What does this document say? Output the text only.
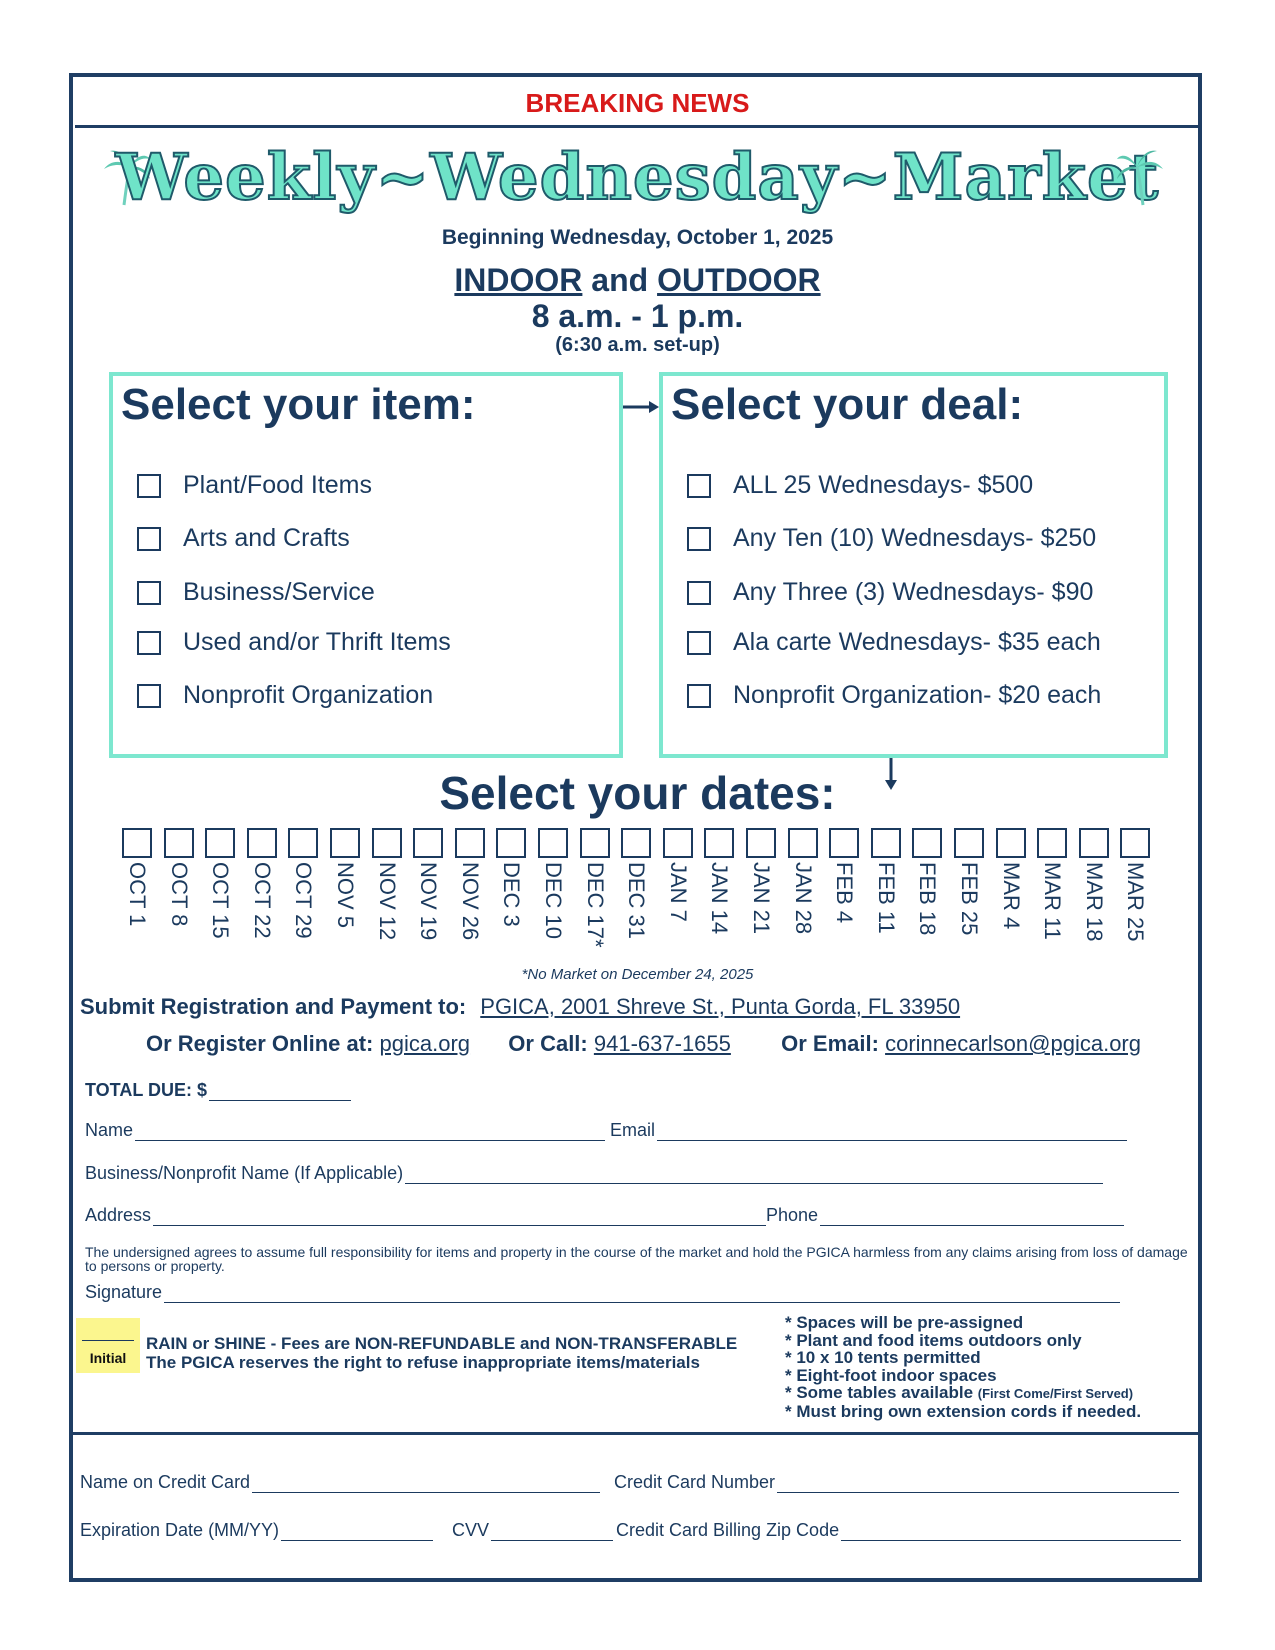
BREAKING NEWS
Weekly~Wednesday~Market
Beginning Wednesday, October 1, 2025
INDOOR and OUTDOOR
8 a.m. - 1 p.m.
(6:30 a.m. set-up)
Select your item:
Plant/Food Items
Arts and Crafts
Business/Service
Used and/or Thrift Items
Nonprofit Organization
Select your deal:
ALL 25 Wednesdays- $500
Any Ten (10) Wednesdays- $250
Any Three (3) Wednesdays- $90
Ala carte Wednesdays- $35 each
Nonprofit Organization- $20 each
Select your dates:
OCT 1 OCT 8 OCT 15 OCT 22 OCT 29 NOV 5 NOV 12 NOV 19 NOV 26 DEC 3 DEC 10 DEC 17* DEC 31 JAN 7 JAN 14 JAN 21 JAN 28 FEB 4 FEB 11 FEB 18 FEB 25 MAR 4 MAR 11 MAR 18 MAR 25
*No Market on December 24, 2025
Submit Registration and Payment to: PGICA, 2001 Shreve St., Punta Gorda, FL 33950
Or Register Online at: pgica.org Or Call: 941-637-1655 Or Email: corinnecarlson@pgica.org
TOTAL DUE: $
Name	Email
Business/Nonprofit Name (If Applicable)
Address	Phone
The undersigned agrees to assume full responsibility for items and property in the course of the market and hold the PGICA harmless from any claims arising from loss of damage to persons or property.
Signature
Initial
RAIN or SHINE - Fees are NON-REFUNDABLE and NON-TRANSFERABLE
The PGICA reserves the right to refuse inappropriate items/materials
* Spaces will be pre-assigned
* Plant and food items outdoors only
* 10 x 10 tents permitted
* Eight-foot indoor spaces
* Some tables available (First Come/First Served)
* Must bring own extension cords if needed.
Name on Credit Card	Credit Card Number
Expiration Date (MM/YY)	CVV	Credit Card Billing Zip Code
